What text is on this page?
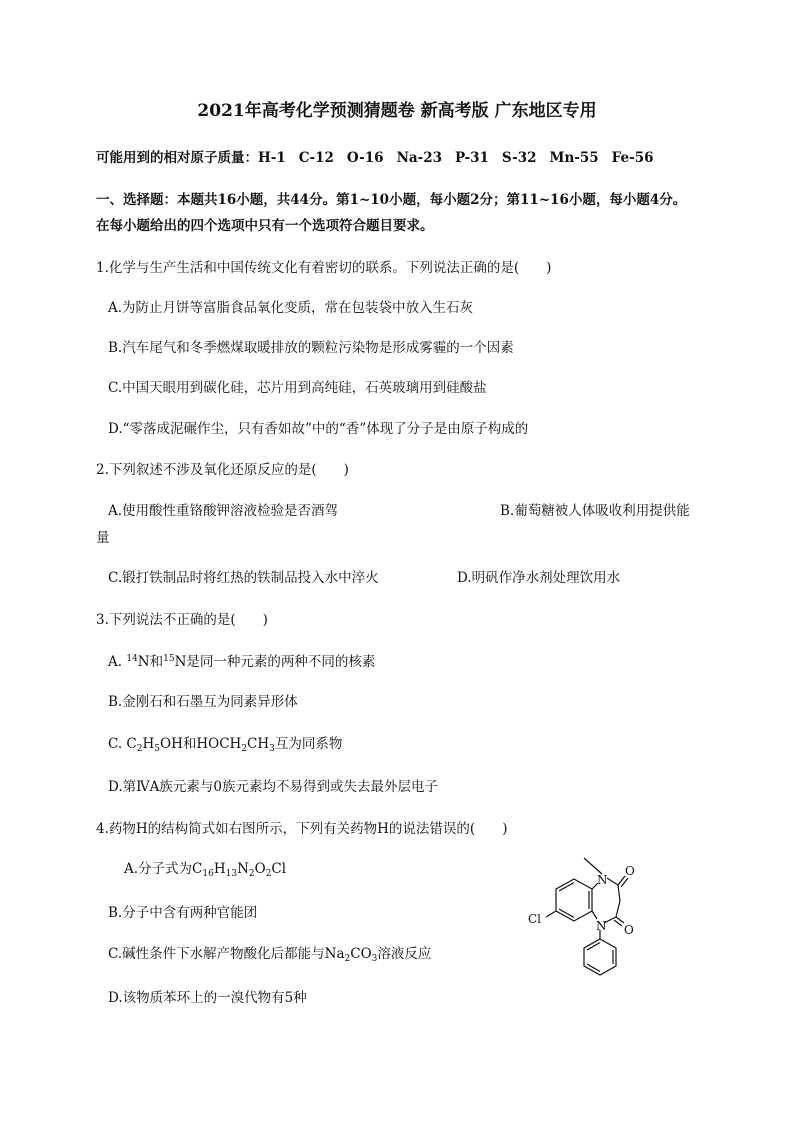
2021年高考化学预测猜题卷 新高考版 广东地区专用
可能用到的相对原子质量：H-1 C-12 O-16 Na-23 P-31 S-32 Mn-55 Fe-56
一、选择题：本题共16小题，共44分。第1~10小题，每小题2分；第11~16小题，每小题4分。
在每小题给出的四个选项中只有一个选项符合题目要求。
1.化学与生产生活和中国传统文化有着密切的联系。下列说法正确的是(　　)
A.为防止月饼等富脂食品氧化变质，常在包装袋中放入生石灰
B.汽车尾气和冬季燃煤取暖排放的颗粒污染物是形成雾霾的一个因素
C.中国天眼用到碳化硅，芯片用到高纯硅，石英玻璃用到硅酸盐
D.“零落成泥碾作尘，只有香如故”中的“香”体现了分子是由原子构成的
2.下列叙述不涉及氧化还原反应的是(　　)
A.使用酸性重铬酸钾溶液检验是否酒驾	B.葡萄糖被人体吸收利用提供能
量
C.锻打铁制品时将红热的铁制品投入水中淬火	D.明矾作净水剂处理饮用水
3.下列说法不正确的是(　　)
A. $^{14}$N和$^{15}$N是同一种元素的两种不同的核素
B.金刚石和石墨互为同素异形体
C. $C_2H_5OH$和$HOCH_2CH_3$互为同系物
D.第ⅣA族元素与0族元素均不易得到或失去最外层电子
4.药物H的结构简式如右图所示，下列有关药物H的说法错误的(　　)
A.分子式为$C_{16}H_{13}N_2O_2Cl$
B.分子中含有两种官能团
C.碱性条件下水解产物酸化后都能与$Na_2CO_3$溶液反应
D.该物质苯环上的一溴代物有5种
N
O
O
N
Cl
